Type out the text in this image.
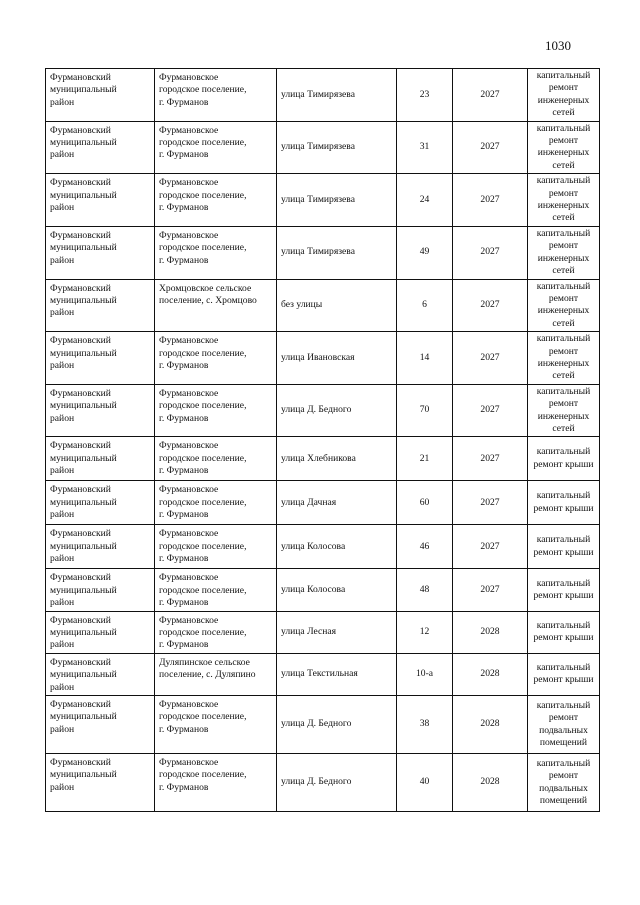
1030
Фурмановский
муниципальный
район	Фурмановское
городское поселение,
г. Фурманов	улица Тимирязева	23	2027	капитальный
ремонт
инженерных
сетей

Фурмановский
муниципальный
район	Фурмановское
городское поселение,
г. Фурманов	улица Тимирязева	31	2027	капитальный
ремонт
инженерных
сетей

Фурмановский
муниципальный
район	Фурмановское
городское поселение,
г. Фурманов	улица Тимирязева	24	2027	капитальный
ремонт
инженерных
сетей

Фурмановский
муниципальный
район	Фурмановское
городское поселение,
г. Фурманов	улица Тимирязева	49	2027	капитальный
ремонт
инженерных
сетей

Фурмановский
муниципальный
район	Хромцовское сельское
поселение, с. Хромцово	без улицы	6	2027	капитальный
ремонт
инженерных
сетей

Фурмановский
муниципальный
район	Фурмановское
городское поселение,
г. Фурманов	улица Ивановская	14	2027	капитальный
ремонт
инженерных
сетей

Фурмановский
муниципальный
район	Фурмановское
городское поселение,
г. Фурманов	улица Д. Бедного	70	2027	капитальный
ремонт
инженерных
сетей

Фурмановский
муниципальный
район	Фурмановское
городское поселение,
г. Фурманов	улица Хлебникова	21	2027	капитальный
ремонт крыши

Фурмановский
муниципальный
район	Фурмановское
городское поселение,
г. Фурманов	улица Дачная	60	2027	капитальный
ремонт крыши

Фурмановский
муниципальный
район	Фурмановское
городское поселение,
г. Фурманов	улица Колосова	46	2027	капитальный
ремонт крыши

Фурмановский
муниципальный
район	Фурмановское
городское поселение,
г. Фурманов	улица Колосова	48	2027	капитальный
ремонт крыши

Фурмановский
муниципальный
район	Фурмановское
городское поселение,
г. Фурманов	улица Лесная	12	2028	капитальный
ремонт крыши

Фурмановский
муниципальный
район	Дуляпинское сельское
поселение, с. Дуляпино	улица Текстильная	10-а	2028	капитальный
ремонт крыши

Фурмановский
муниципальный
район	Фурмановское
городское поселение,
г. Фурманов	улица Д. Бедного	38	2028	капитальный
ремонт
подвальных
помещений

Фурмановский
муниципальный
район	Фурмановское
городское поселение,
г. Фурманов	улица Д. Бедного	40	2028	капитальный
ремонт
подвальных
помещений
